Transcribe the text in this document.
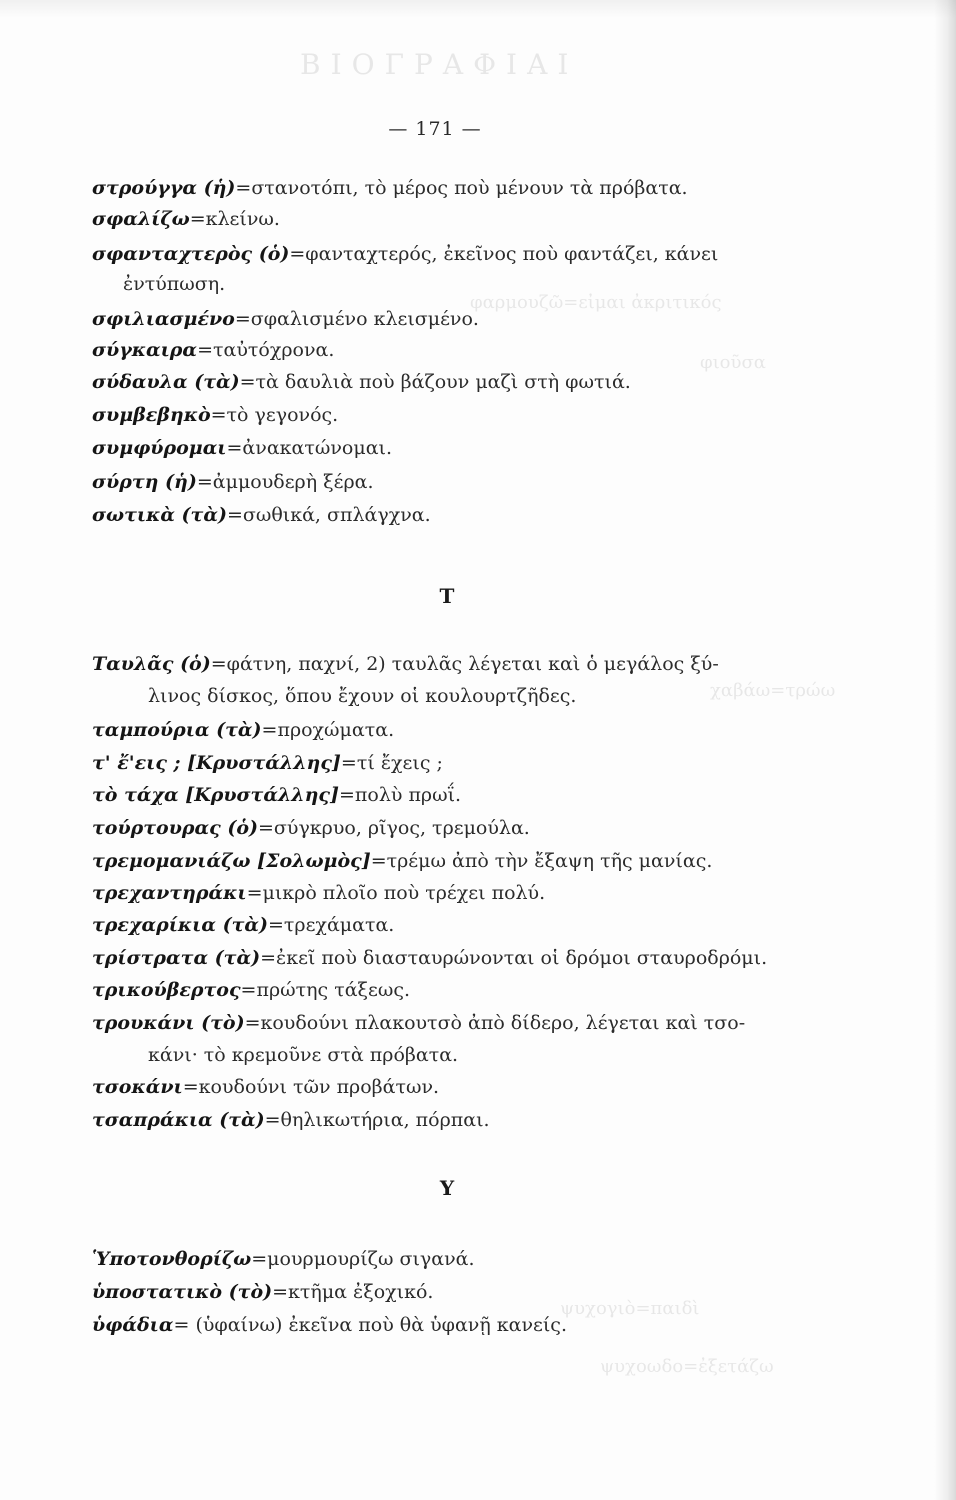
ΒΙΟΓΡΑΦΙΑΙ
φαρμουζῶ=εἰμαι ἀκριτικός
φιοῦσα
χαβάω=τρώω
ψυχογιὸ=παιδὶ
ψυχοωδο=ἐξετάζω
— 171 —
στρούγγα (ἡ)=στανοτόπι, τὸ μέρος ποὺ μένουν τὰ πρόβατα.
σφαλίζω=κλείνω.
σφανταχτερὸς (ὁ)=φανταχτερός, ἐκεῖνος ποὺ φαντάζει, κάνει
ἐντύπωση.
σφιλιασμένο=σφαλισμένο κλεισμένο.
σύγκαιρα=ταὐτόχρονα.
σύδαυλα (τὰ)=τὰ δαυλιὰ ποὺ βάζουν μαζὶ στὴ φωτιά.
συμβεβηκὸ=τὸ γεγονός.
συμφύρομαι=ἀνακατώνομαι.
σύρτη (ἡ)=ἀμμουδερὴ ξέρα.
σωτικὰ (τὰ)=σωθικά, σπλάγχνα.
Τ
Ταυλᾶς (ὁ)=φάτνη, παχνί, 2) ταυλᾶς λέγεται καὶ ὁ μεγάλος ξύ-
λινος δίσκος, ὅπου ἔχουν οἱ κουλουρτζῆδες.
ταμπούρια (τὰ)=προχώματα.
τ' ἔ'εις ; [Κρυστάλλης]=τί ἔχεις ;
τὸ τάχα [Κρυστάλλης]=πολὺ πρωΐ.
τούρτουρας (ὁ)=σύγκρυο, ρῖγος, τρεμούλα.
τρεμομανιάζω [Σολωμὸς]=τρέμω ἀπὸ τὴν ἔξαψη τῆς μανίας.
τρεχαντηράκι=μικρὸ πλοῖο ποὺ τρέχει πολύ.
τρεχαρίκια (τὰ)=τρεχάματα.
τρίστρατα (τὰ)=ἐκεῖ ποὺ διασταυρώνονται οἱ δρόμοι σταυροδρόμι.
τρικούβερτος=πρώτης τάξεως.
τρουκάνι (τὸ)=κουδούνι πλακουτσὸ ἀπὸ δίδερο, λέγεται καὶ τσο-
κάνι· τὸ κρεμοῦνε στὰ πρόβατα.
τσοκάνι=κουδούνι τῶν προβάτων.
τσαπράκια (τὰ)=θηλικωτήρια, πόρπαι.
Υ
Ὑποτονθορίζω=μουρμουρίζω σιγανά.
ὑποστατικὸ (τὸ)=κτῆμα ἐξοχικό.
ὑφάδια= (ὑφαίνω) ἐκεῖνα ποὺ θὰ ὑφανῇ κανείς.
